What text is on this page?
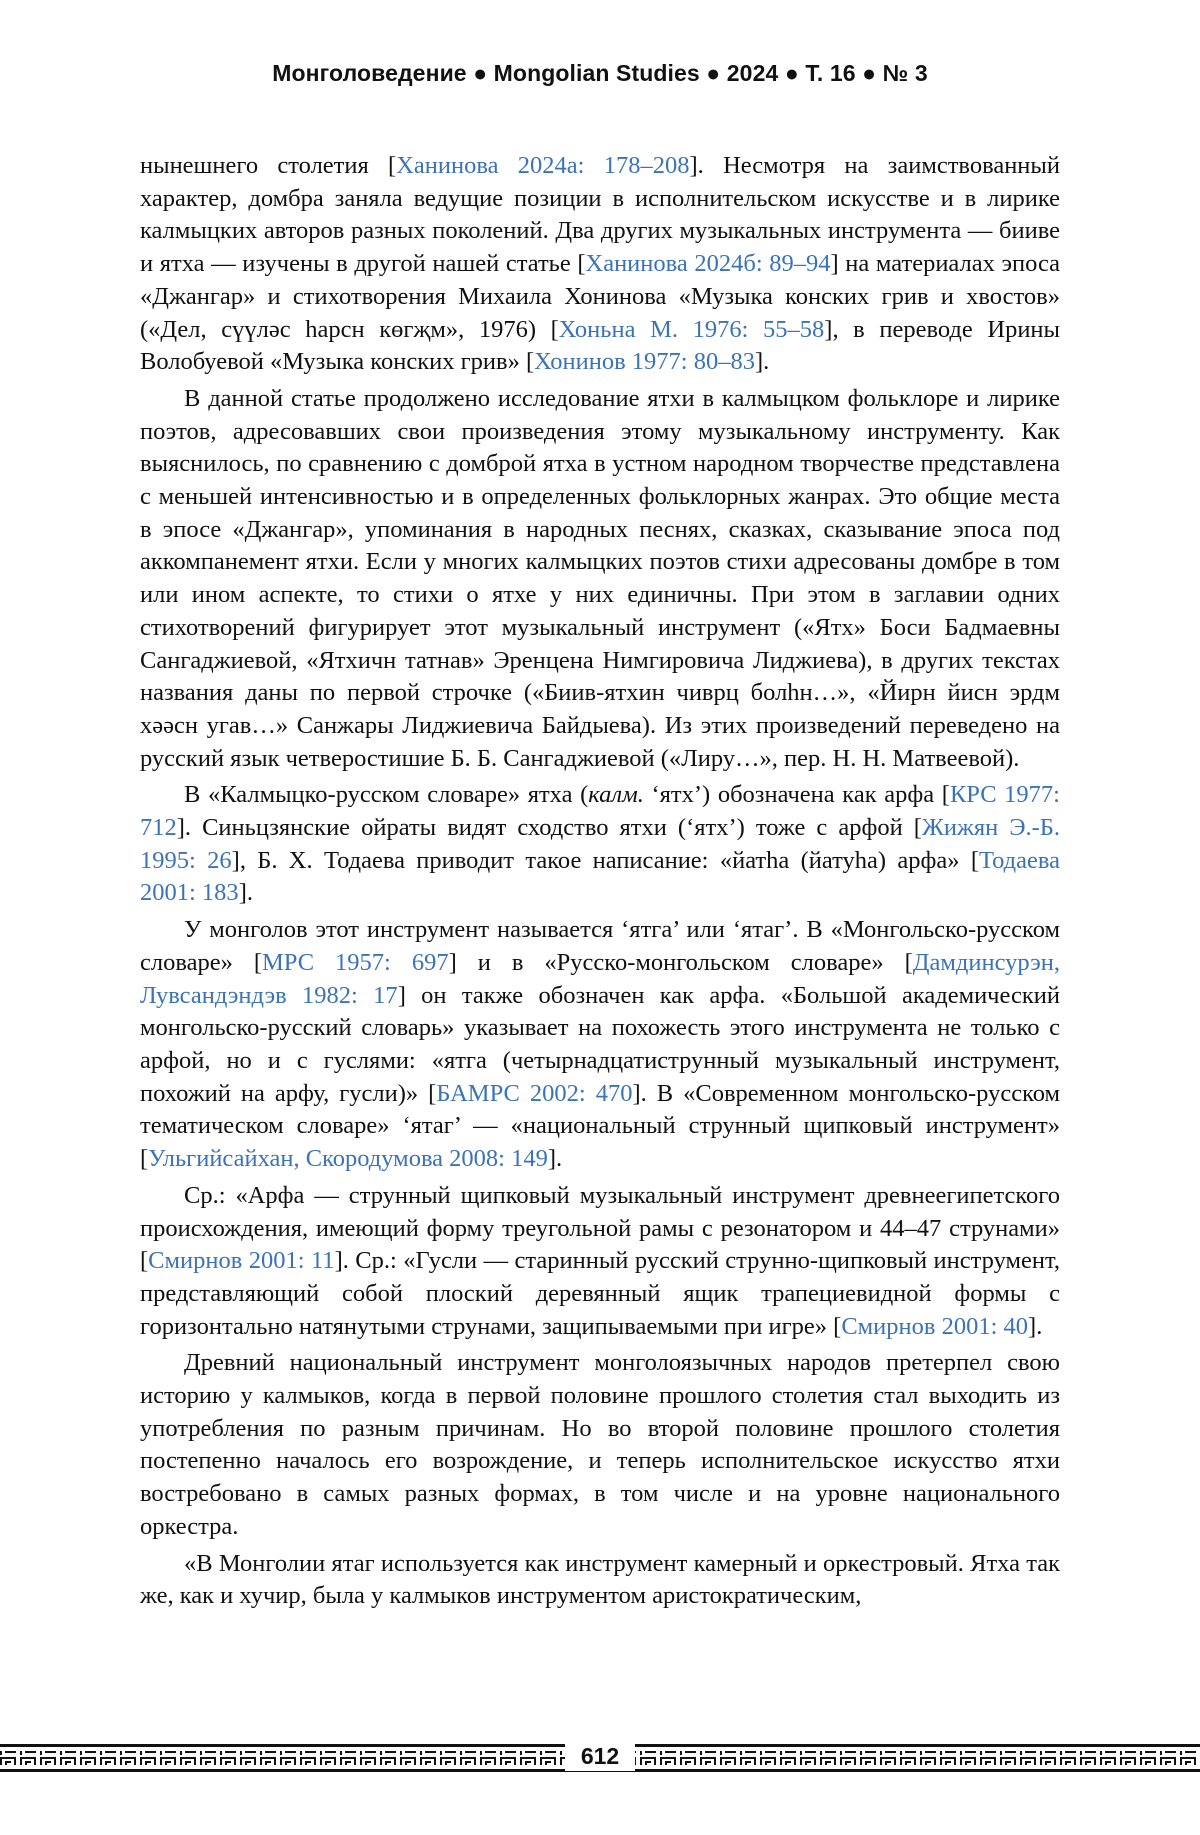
Монголоведение ● Mongolian Studies ● 2024 ● Т. 16 ● № 3

нынешнего столетия [Ханинова 2024а: 178–208]. Несмотря на заимствованный характер, домбра заняла ведущие позиции в исполнительском искусстве и в лирике калмыцких авторов разных поколений. Два других музыкальных инструмента — бииве и ятха — изучены в другой нашей статье [Ханинова 2024б: 89–94] на материалах эпоса «Джангар» и стихотворения Михаила Хонинова «Музыка конских грив и хвостов» («Дел, сүүлəс һарсн көгҗм», 1976) [Хоньна М. 1976: 55–58], в переводе Ирины Волобуевой «Музыка конских грив» [Хонинов 1977: 80–83].

В данной статье продолжено исследование ятхи в калмыцком фольклоре и лирике поэтов, адресовавших свои произведения этому музыкальному инструменту. Как выяснилось, по сравнению с домброй ятха в устном народном творчестве представлена с меньшей интенсивностью и в определенных фольклорных жанрах. Это общие места в эпосе «Джангар», упоминания в народных песнях, сказках, сказывание эпоса под аккомпанемент ятхи. Если у многих калмыцких поэтов стихи адресованы домбре в том или ином аспекте, то стихи о ятхе у них единичны. При этом в заглавии одних стихотворений фигурирует этот музыкальный инструмент («Ятх» Боси Бадмаевны Сангаджиевой, «Ятхичн татнав» Эренцена Нимгировича Лиджиева), в других текстах названия даны по первой строчке («Биив-ятхин чиврц болһн…», «Йирн йисн эрдм хəəсн угав…» Санжары Лиджиевича Байдыева). Из этих произведений переведено на русский язык четверостишие Б. Б. Сангаджиевой («Лиру…», пер. Н. Н. Матвеевой).

В «Калмыцко-русском словаре» ятха (калм. ‘ятх’) обозначена как арфа [КРС 1977: 712]. Синьцзянские ойраты видят сходство ятхи (‘ятх’) тоже с арфой [Жижян Э.-Б. 1995: 26], Б. Х. Тодаева приводит такое написание: «йатһа (йатуһа) арфа» [Тодаева 2001: 183].

У монголов этот инструмент называется ‘ятга’ или ‘ятаг’. В «Монгольско-русском словаре» [МРС 1957: 697] и в «Русско-монгольском словаре» [Дамдинсурэн, Лувсандэндэв 1982: 17] он также обозначен как арфа. «Большой академический монгольско-русский словарь» указывает на похожесть этого инструмента не только с арфой, но и с гуслями: «ятга (четырнадцатиструнный музыкальный инструмент, похожий на арфу, гусли)» [БАМРС 2002: 470]. В «Современном монгольско-русском тематическом словаре» ‘ятаг’ — «национальный струнный щипковый инструмент» [Ульгийсайхан, Скородумова 2008: 149].

Ср.: «Арфа — струнный щипковый музыкальный инструмент древнеегипетского происхождения, имеющий форму треугольной рамы с резонатором и 44–47 струнами» [Смирнов 2001: 11]. Ср.: «Гусли — старинный русский струнно-щипковый инструмент, представляющий собой плоский деревянный ящик трапециевидной формы с горизонтально натянутыми струнами, защипываемыми при игре» [Смирнов 2001: 40].

Древний национальный инструмент монголоязычных народов претерпел свою историю у калмыков, когда в первой половине прошлого столетия стал выходить из употребления по разным причинам. Но во второй половине прошлого столетия постепенно началось его возрождение, и теперь исполнительское искусство ятхи востребовано в самых разных формах, в том числе и на уровне национального оркестра.

«В Монголии ятаг используется как инструмент камерный и оркестровый. Ятха так же, как и хучир, была у калмыков инструментом аристократическим,

612
